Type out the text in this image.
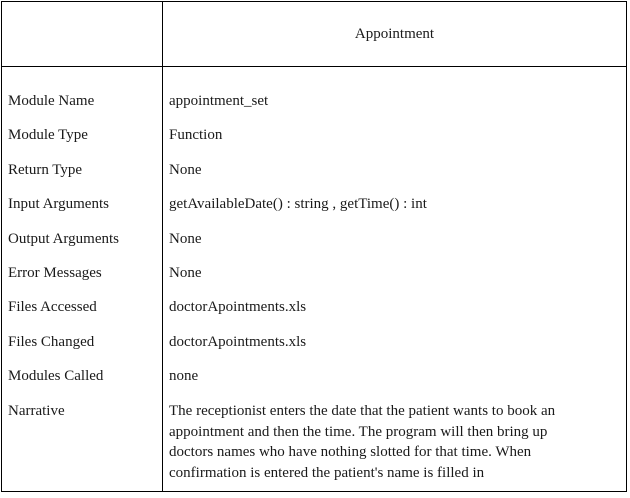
Appointment
Module Name	appointment_set
Module Type	Function
Return Type	None
Input Arguments	getAvailableDate() : string , getTime() : int
Output Arguments	None
Error Messages	None
Files Accessed	doctorApointments.xls
Files Changed	doctorApointments.xls
Modules Called	none
Narrative	The receptionist enters the date that the patient wants to book an appointment and then the time. The program will then bring up doctors names who have nothing slotted for that time. When confirmation is entered the patient's name is filled in
